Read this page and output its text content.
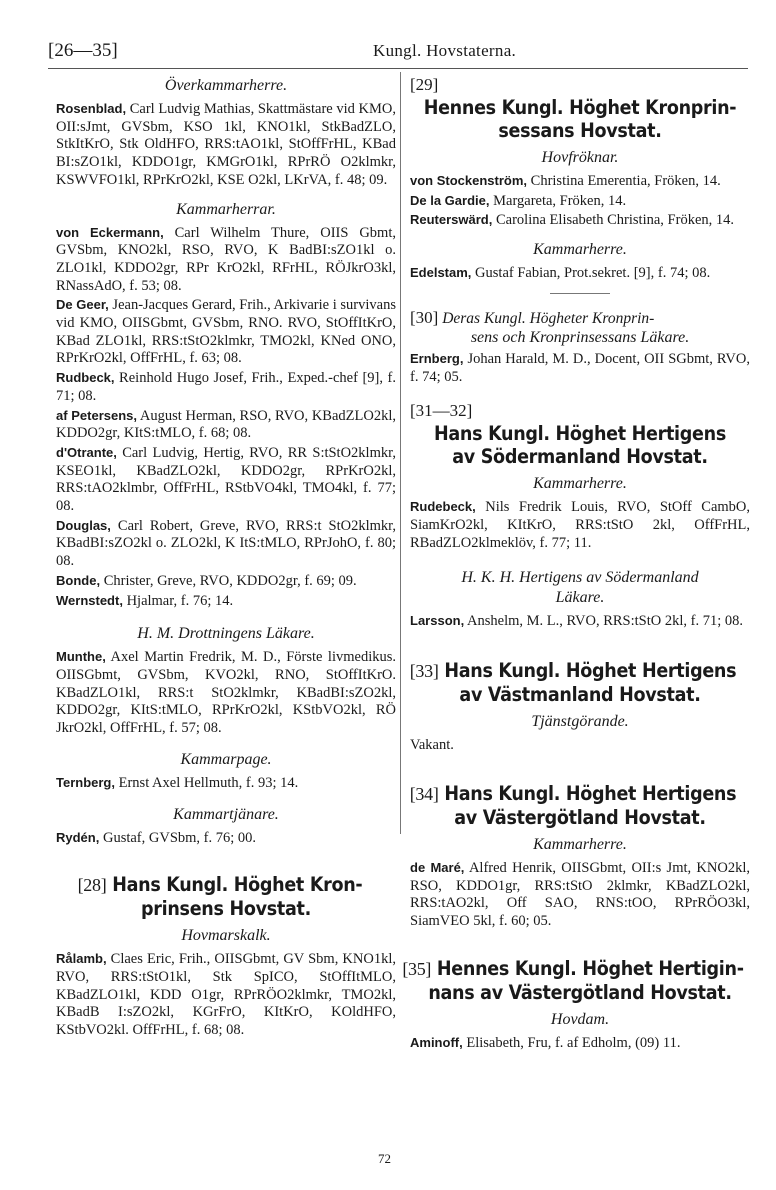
[26—35]	Kungl. Hovstaterna.
Överkammarherre.

Rosenblad, Carl Ludvig Mathias, Skattmästare vid KMO, OII:sJmt, GVSbm, KSO 1kl, KNO1kl, StkBadZLO, StkItKrO, Stk OldHFO, RRS:tAO1kl, StOffFrHL, KBad BI:sZO1kl, KDDO1gr, KMGrO1kl, RPrRÖ O2klmkr, KSWVFO1kl, RPrKrO2kl, KSE O2kl, LKrVA, f. 48; 09.

Kammarherrar.

von Eckermann, Carl Wilhelm Thure, OIIS Gbmt, GVSbm, KNO2kl, RSO, RVO, K BadBI:sZO1kl o. ZLO1kl, KDDO2gr, RPr KrO2kl, RFrHL, RÖJkrO3kl, RNassAdO, f. 53; 08.

De Geer, Jean-Jacques Gerard, Frih., Arkivarie i survivans vid KMO, OIISGbmt, GVSbm, RNO. RVO, StOffItKrO, KBad ZLO1kl, RRS:tStO2klmkr, TMO2kl, KNed ONO, RPrKrO2kl, OffFrHL, f. 63; 08.

Rudbeck, Reinhold Hugo Josef, Frih., Exped.-chef [9], f. 71; 08.

af Petersens, August Herman, RSO, RVO, KBadZLO2kl, KDDO2gr, KItS:tMLO, f. 68; 08.

d'Otrante, Carl Ludvig, Hertig, RVO, RR S:tStO2klmkr, KSEO1kl, KBadZLO2kl, KDDO2gr, RPrKrO2kl, RRS:tAO2klmbr, OffFrHL, RStbVO4kl, TMO4kl, f. 77; 08.

Douglas, Carl Robert, Greve, RVO, RRS:t StO2klmkr, KBadBI:sZO2kl o. ZLO2kl, K ItS:tMLO, RPrJohO, f. 80; 08.

Bonde, Christer, Greve, RVO, KDDO2gr, f. 69; 09.

Wernstedt, Hjalmar, f. 76; 14.

H. M. Drottningens Läkare.

Munthe, Axel Martin Fredrik, M. D., Förste livmedikus. OIISGbmt, GVSbm, KVO2kl, RNO, StOffItKrO. KBadZLO1kl, RRS:t StO2klmkr, KBadBI:sZO2kl, KDDO2gr, KItS:tMLO, RPrKrO2kl, KStbVO2kl, RÖ JkrO2kl, OffFrHL, f. 57; 08.

Kammarpage.

Ternberg, Ernst Axel Hellmuth, f. 93; 14.

Kammartjänare.

Rydén, Gustaf, GVSbm, f. 76; 00.

[28] Hans Kungl. Höghet Kron-
prinsens Hovstat.
Hovmarskalk.

Rålamb, Claes Eric, Frih., OIISGbmt, GV Sbm, KNO1kl, RVO, RRS:tStO1kl, Stk SpICO, StOffItMLO, KBadZLO1kl, KDD O1gr, RPrRÖO2klmkr, TMO2kl, KBadB I:sZO2kl, KGrFrO, KItKrO, KOldHFO, KStbVO2kl. OffFrHL, f. 68; 08.

[29]
Hennes Kungl. Höghet Kronprin-
sessans Hovstat.
Hovfröknar.

von Stockenström, Christina Emerentia, Fröken, 14.

De la Gardie, Margareta, Fröken, 14.

Reuterswärd, Carolina Elisabeth Christina, Fröken, 14.

Kammarherre.

Edelstam, Gustaf Fabian, Prot.sekret. [9], f. 74; 08.

[30] Deras Kungl. Högheter Kronprin-
sens och Kronprinsessans Läkare.

Ernberg, Johan Harald, M. D., Docent, OII SGbmt, RVO, f. 74; 05.

[31—32]
Hans Kungl. Höghet Hertigens
av Södermanland Hovstat.
Kammarherre.

Rudebeck, Nils Fredrik Louis, RVO, StOff CambO, SiamKrO2kl, KItKrO, RRS:tStO 2kl, OffFrHL, RBadZLO2klmeklöv, f. 77; 11.

H. K. H. Hertigens av Södermanland
Läkare.

Larsson, Anshelm, M. L., RVO, RRS:tStO 2kl, f. 71; 08.

[33] Hans Kungl. Höghet Hertigens
av Västmanland Hovstat.
Tjänstgörande.
Vakant.
[34] Hans Kungl. Höghet Hertigens
av Västergötland Hovstat.
Kammarherre.

de Maré, Alfred Henrik, OIISGbmt, OII:s Jmt, KNO2kl, RSO, KDDO1gr, RRS:tStO 2klmkr, KBadZLO2kl, RRS:tAO2kl, Off SAO, RNS:tOO, RPrRÖO3kl, SiamVEO 5kl, f. 60; 05.

[35] Hennes Kungl. Höghet Hertigin-
nans av Västergötland Hovstat.
Hovdam.

Aminoff, Elisabeth, Fru, f. af Edholm, (09) 11.

72
